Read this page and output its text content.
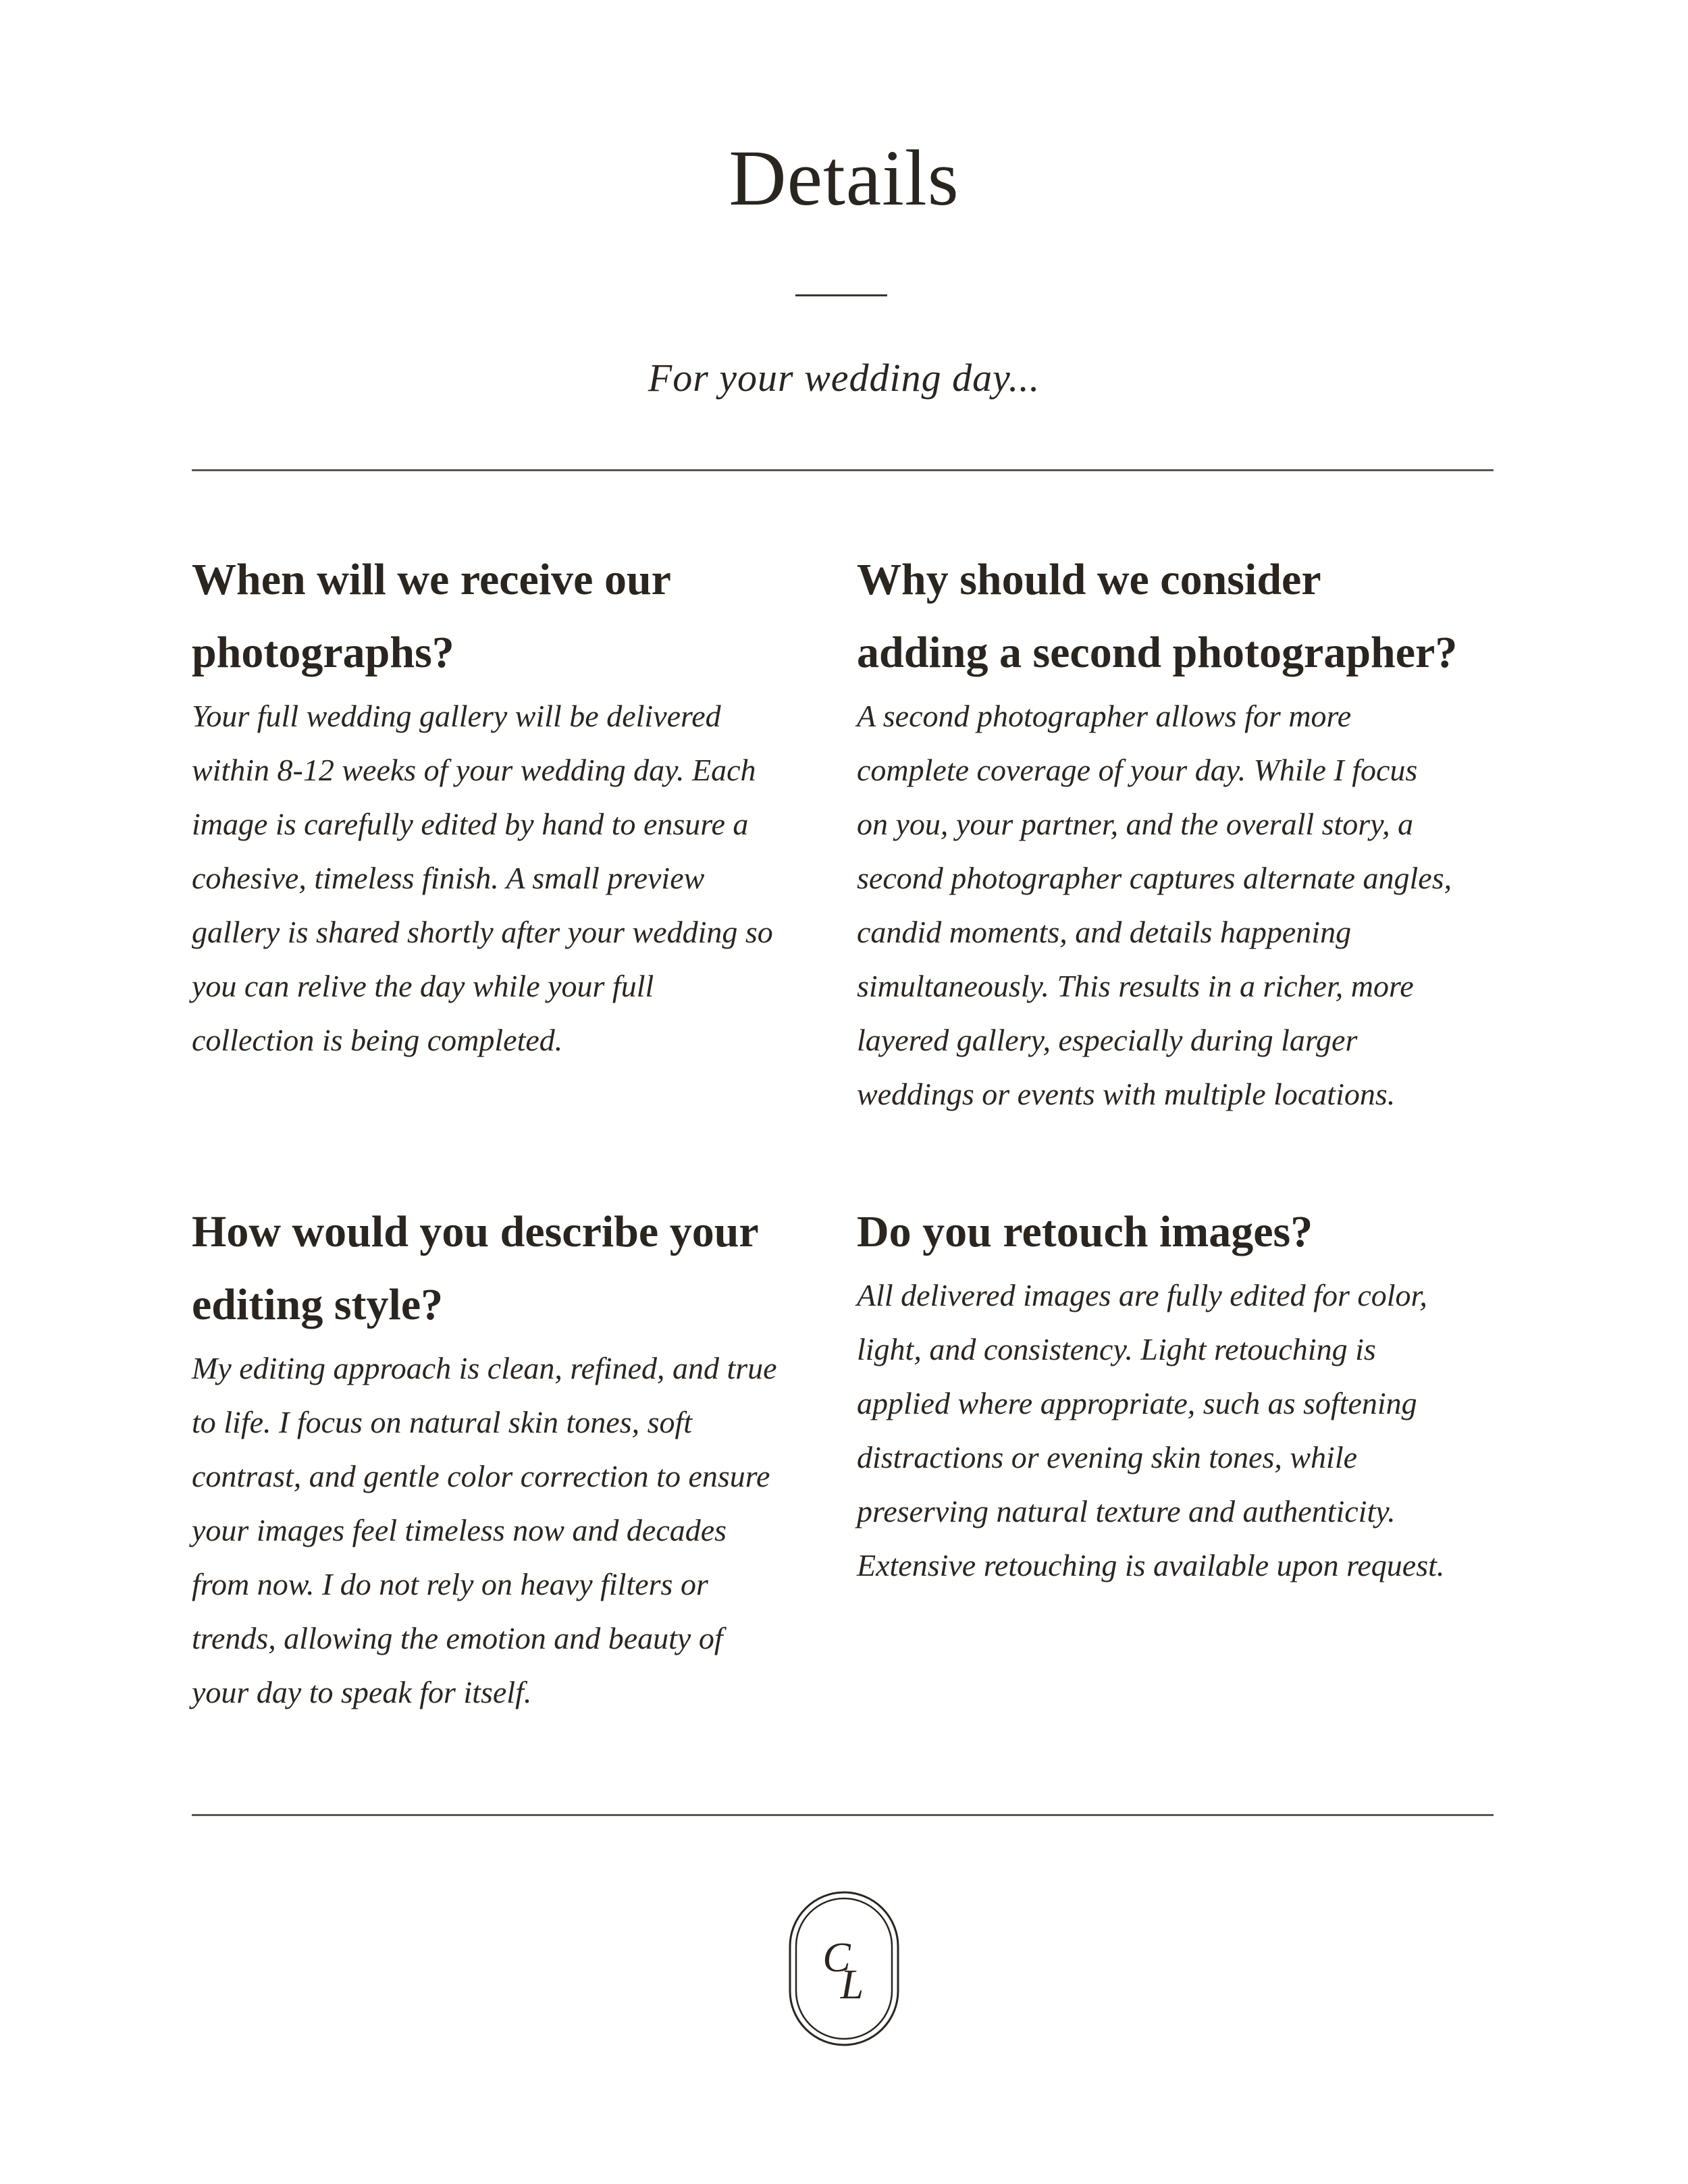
Details
For your wedding day...
When will we receive our
photographs?
Your full wedding gallery will be delivered
within 8-12 weeks of your wedding day. Each
image is carefully edited by hand to ensure a
cohesive, timeless finish. A small preview
gallery is shared shortly after your wedding so
you can relive the day while your full
collection is being completed.
Why should we consider
adding a second photographer?
A second photographer allows for more
complete coverage of your day. While I focus
on you, your partner, and the overall story, a
second photographer captures alternate angles,
candid moments, and details happening
simultaneously. This results in a richer, more
layered gallery, especially during larger
weddings or events with multiple locations.
How would you describe your
editing style?
My editing approach is clean, refined, and true
to life. I focus on natural skin tones, soft
contrast, and gentle color correction to ensure
your images feel timeless now and decades
from now. I do not rely on heavy filters or
trends, allowing the emotion and beauty of
your day to speak for itself.
Do you retouch images?
All delivered images are fully edited for color,
light, and consistency. Light retouching is
applied where appropriate, such as softening
distractions or evening skin tones, while
preserving natural texture and authenticity.
Extensive retouching is available upon request.
C
L
